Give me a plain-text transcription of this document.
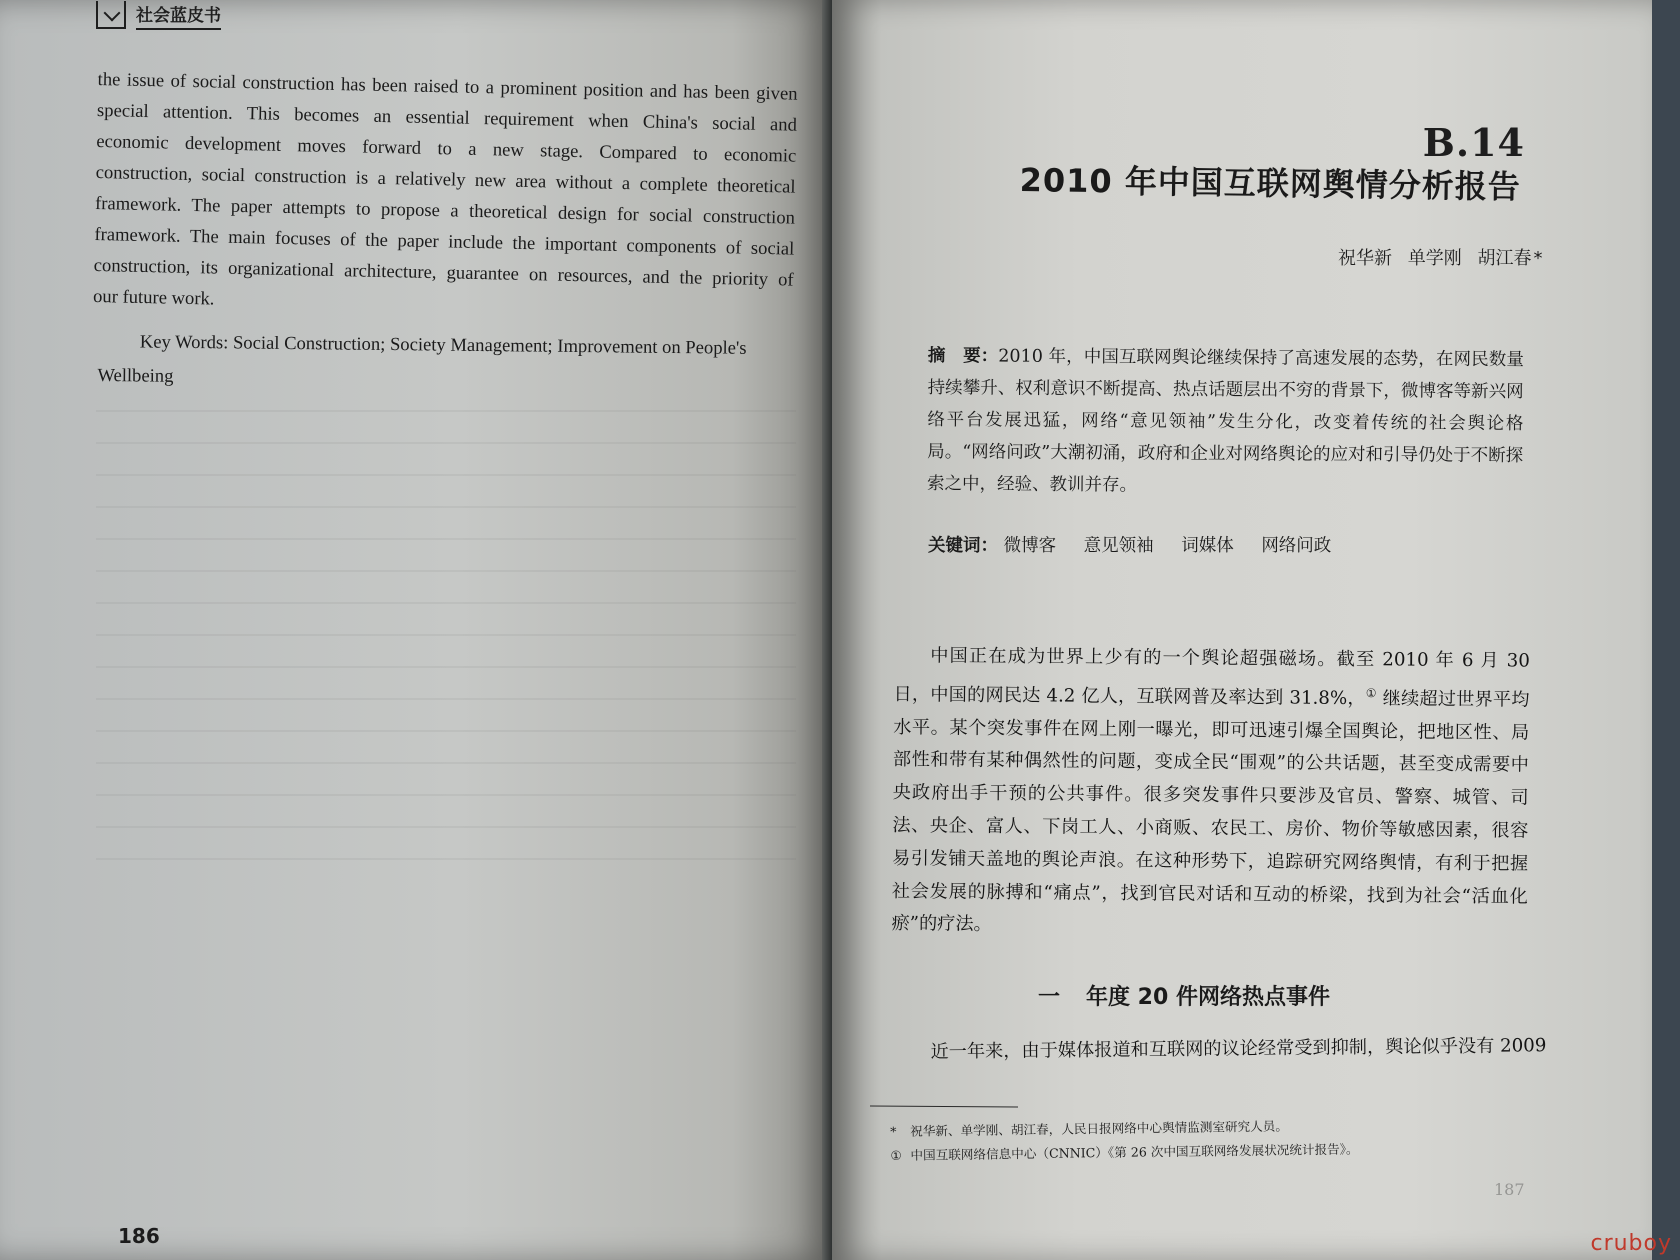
社会蓝皮书

the issue of social construction has been raised to a prominent position and has been given
special attention. This becomes an essential requirement when China's social and
economic development moves forward to a new stage. Compared to economic
construction, social construction is a relatively new area without a complete theoretical
framework. The paper attempts to propose a theoretical design for social construction
framework. The main focuses of the paper include the important components of social
construction, its organizational architecture, guarantee on resources, and the priority of
our future work.

Key Words: Social Construction; Society Management; Improvement on People's Wellbeing

186
B.14
2010 年中国互联网舆情分析报告
祝华新 单学刚 胡江春 *

摘　要：2010 年，中国互联网舆论继续保持了高速发展的态势，在网民数量持续攀升、权利意识不断提高、热点话题层出不穷的背景下，微博客等新兴网络平台发展迅猛，网络“意见领袖”发生分化，改变着传统的社会舆论格局。“网络问政”大潮初涌，政府和企业对网络舆论的应对和引导仍处于不断探索之中，经验、教训并存。

关键词： 微博客 意见领袖 词媒体 网络问政

中国正在成为世界上少有的一个舆论超强磁场。截至 2010 年 6 月 30 日，中国的网民达 4.2 亿人，互联网普及率达到 31.8%，① 继续超过世界平均水平。某个突发事件在网上刚一曝光，即可迅速引爆全国舆论，把地区性、局部性和带有某种偶然性的问题，变成全民“围观”的公共话题，甚至变成需要中央政府出手干预的公共事件。很多突发事件只要涉及官员、警察、城管、司法、央企、富人、下岗工人、小商贩、农民工、房价、物价等敏感因素，很容易引发铺天盖地的舆论声浪。在这种形势下，追踪研究网络舆情，有利于把握社会发展的脉搏和“痛点”，找到官民对话和互动的桥梁，找到为社会“活血化瘀”的疗法。

一 年度 20 件网络热点事件

近一年来，由于媒体报道和互联网的议论经常受到抑制，舆论似乎没有 2009

* 祝华新、单学刚、胡江春，人民日报网络中心舆情监测室研究人员。
① 中国互联网络信息中心（CNNIC）《第 26 次中国互联网络发展状况统计报告》。
187
cruboy
